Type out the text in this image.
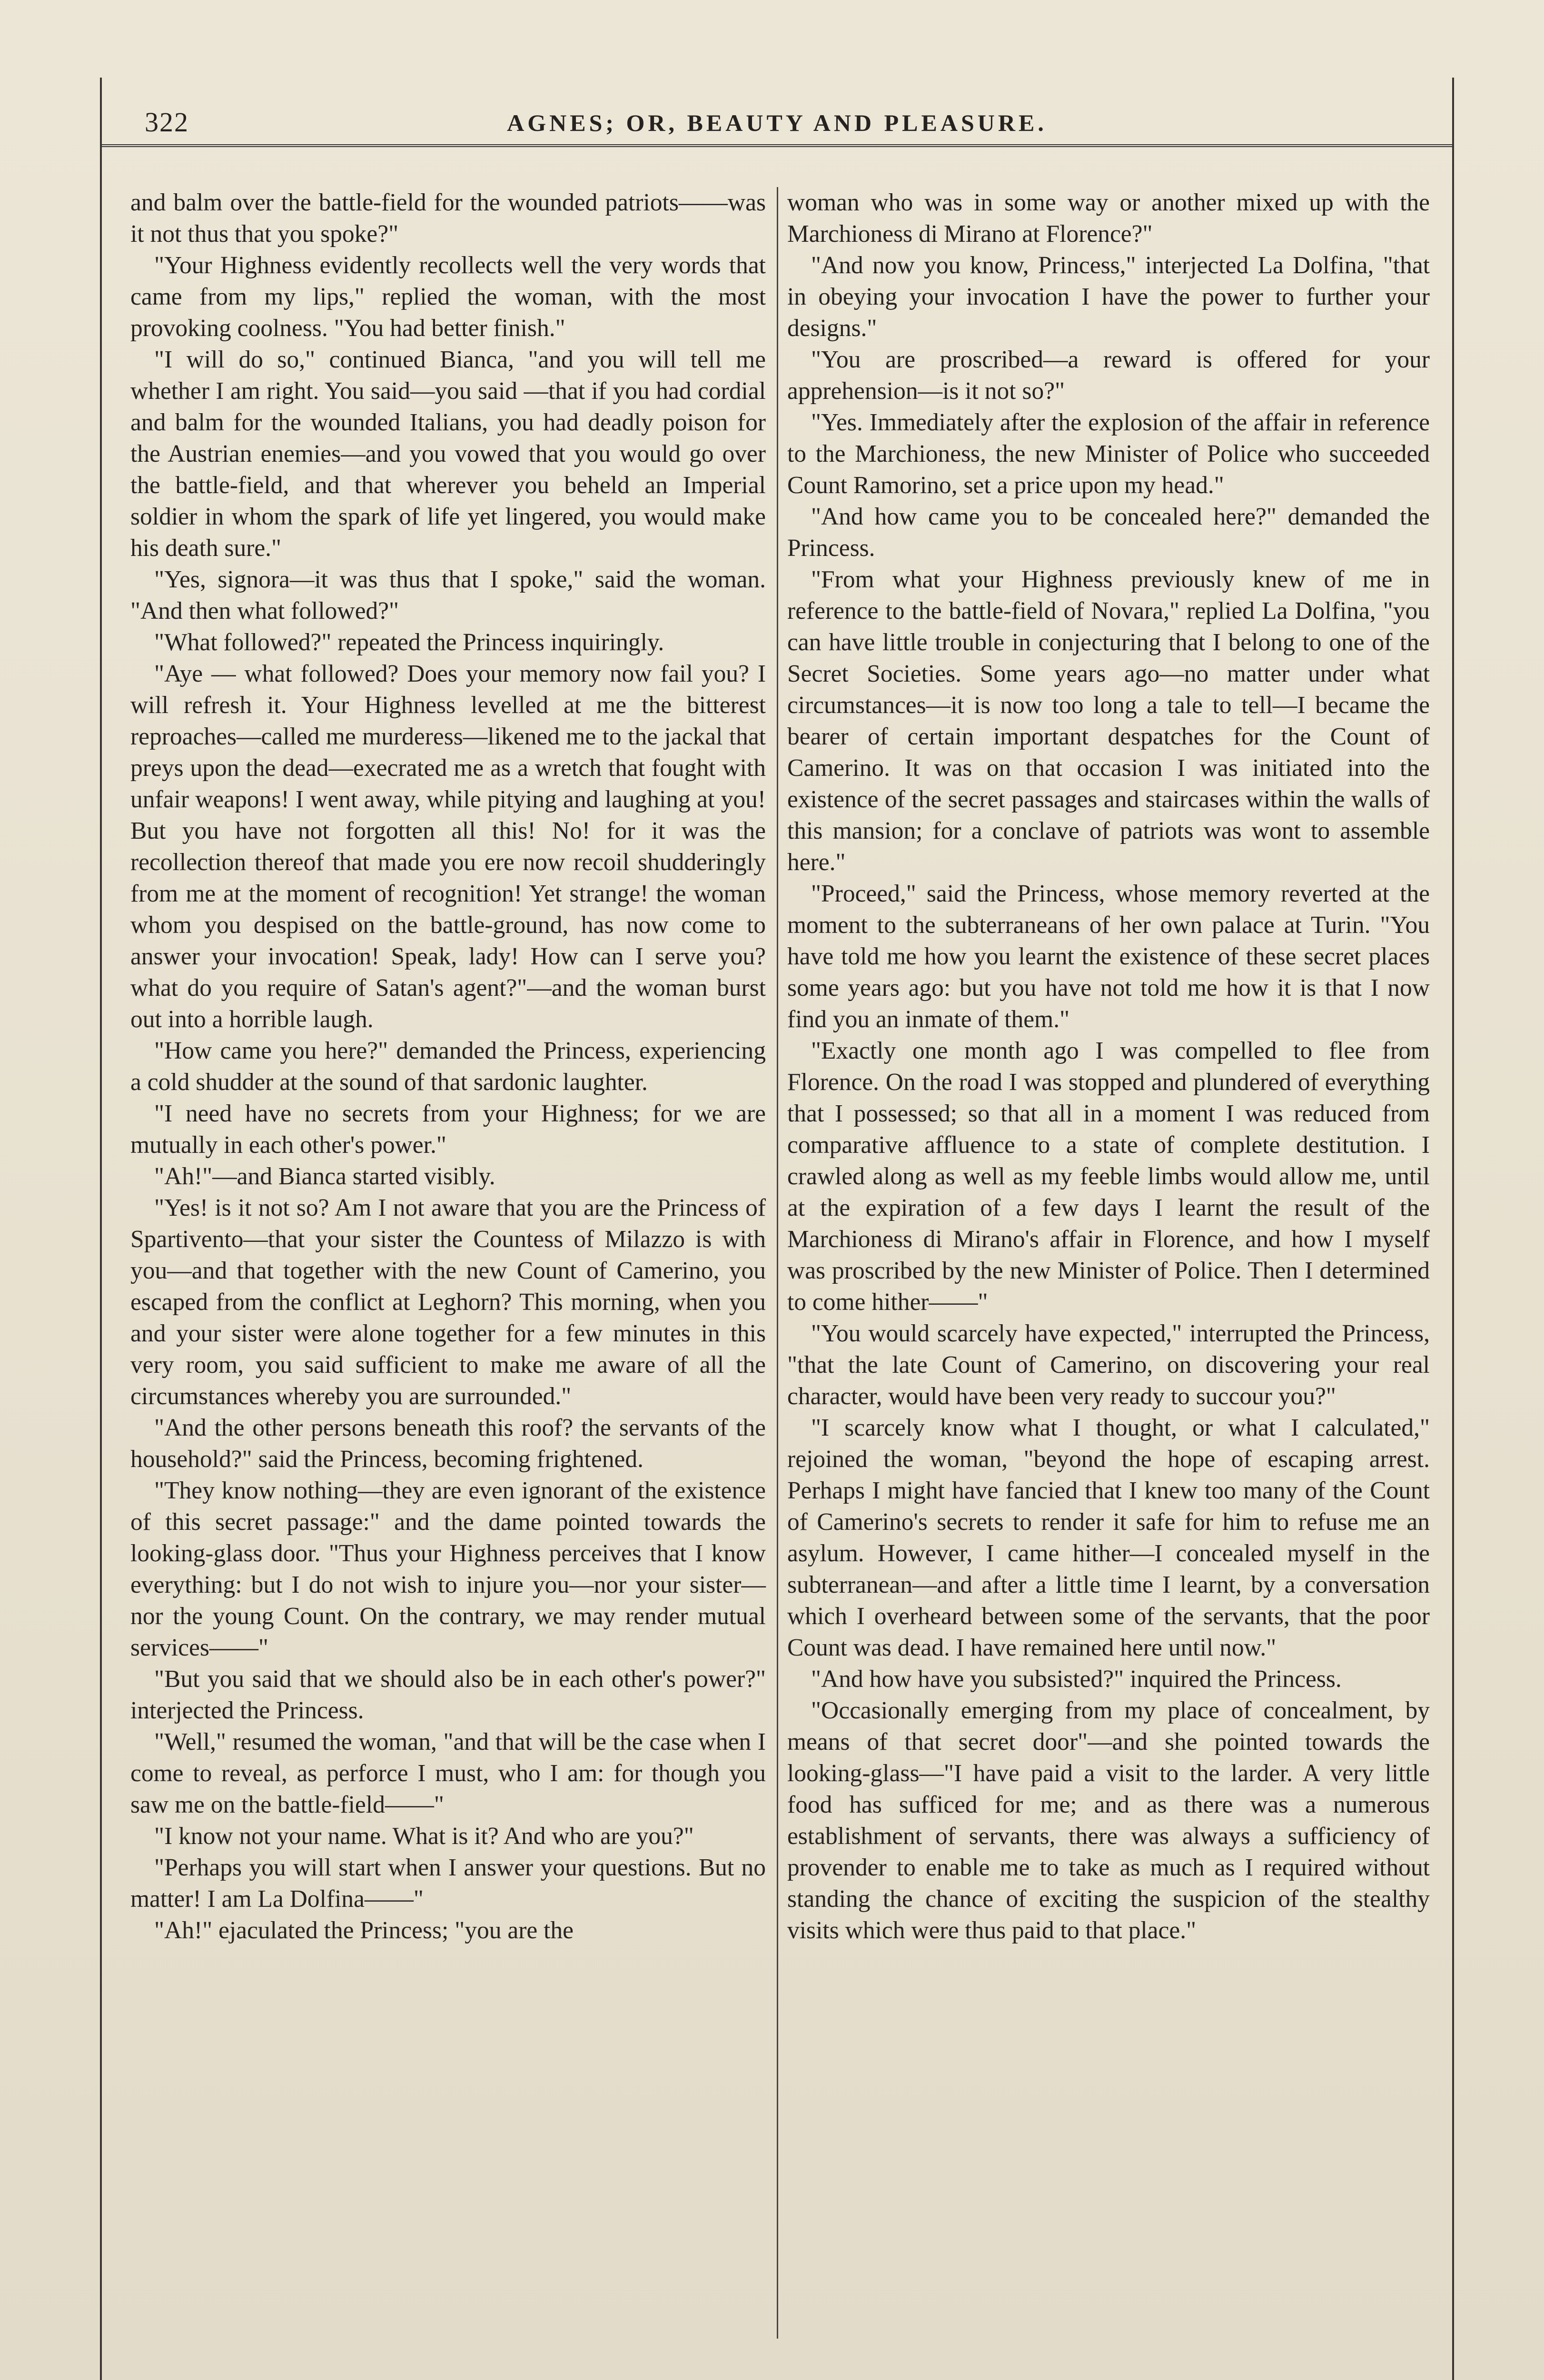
322	AGNES; OR, BEAUTY AND PLEASURE.

and balm over the battle-field for the wounded patriots——was it not thus that you spoke?"

"Your Highness evidently recollects well the very words that came from my lips," replied the woman, with the most provoking coolness. "You had better finish."

"I will do so," continued Bianca, "and you will tell me whether I am right. You said—you said —that if you had cordial and balm for the wounded Italians, you had deadly poison for the Austrian enemies—and you vowed that you would go over the battle-field, and that wherever you beheld an Imperial soldier in whom the spark of life yet lingered, you would make his death sure."

"Yes, signora—it was thus that I spoke," said the woman. "And then what followed?"

"What followed?" repeated the Princess inquiringly.

"Aye — what followed? Does your memory now fail you? I will refresh it. Your Highness levelled at me the bitterest reproaches—called me murderess—likened me to the jackal that preys upon the dead—execrated me as a wretch that fought with unfair weapons! I went away, while pitying and laughing at you! But you have not forgotten all this! No! for it was the recollection thereof that made you ere now recoil shudderingly from me at the moment of recognition! Yet strange! the woman whom you despised on the battle-ground, has now come to answer your invocation! Speak, lady! How can I serve you? what do you require of Satan's agent?"—and the woman burst out into a horrible laugh.

"How came you here?" demanded the Princess, experiencing a cold shudder at the sound of that sardonic laughter.

"I need have no secrets from your Highness; for we are mutually in each other's power."

"Ah!"—and Bianca started visibly.

"Yes! is it not so? Am I not aware that you are the Princess of Spartivento—that your sister the Countess of Milazzo is with you—and that together with the new Count of Camerino, you escaped from the conflict at Leghorn? This morning, when you and your sister were alone together for a few minutes in this very room, you said sufficient to make me aware of all the circumstances whereby you are surrounded."

"And the other persons beneath this roof? the servants of the household?" said the Princess, becoming frightened.

"They know nothing—they are even ignorant of the existence of this secret passage:" and the dame pointed towards the looking-glass door. "Thus your Highness perceives that I know everything: but I do not wish to injure you—nor your sister—nor the young Count. On the contrary, we may render mutual services——"

"But you said that we should also be in each other's power?" interjected the Princess.

"Well," resumed the woman, "and that will be the case when I come to reveal, as perforce I must, who I am: for though you saw me on the battle-field——"

"I know not your name. What is it? And who are you?"

"Perhaps you will start when I answer your questions. But no matter! I am La Dolfina——"

"Ah!" ejaculated the Princess; "you are the

woman who was in some way or another mixed up with the Marchioness di Mirano at Florence?"

"And now you know, Princess," interjected La Dolfina, "that in obeying your invocation I have the power to further your designs."

"You are proscribed—a reward is offered for your apprehension—is it not so?"

"Yes. Immediately after the explosion of the affair in reference to the Marchioness, the new Minister of Police who succeeded Count Ramorino, set a price upon my head."

"And how came you to be concealed here?" demanded the Princess.

"From what your Highness previously knew of me in reference to the battle-field of Novara," replied La Dolfina, "you can have little trouble in conjecturing that I belong to one of the Secret Societies. Some years ago—no matter under what circumstances—it is now too long a tale to tell—I became the bearer of certain important despatches for the Count of Camerino. It was on that occasion I was initiated into the existence of the secret passages and staircases within the walls of this mansion; for a conclave of patriots was wont to assemble here."

"Proceed," said the Princess, whose memory reverted at the moment to the subterraneans of her own palace at Turin. "You have told me how you learnt the existence of these secret places some years ago: but you have not told me how it is that I now find you an inmate of them."

"Exactly one month ago I was compelled to flee from Florence. On the road I was stopped and plundered of everything that I possessed; so that all in a moment I was reduced from comparative affluence to a state of complete destitution. I crawled along as well as my feeble limbs would allow me, until at the expiration of a few days I learnt the result of the Marchioness di Mirano's affair in Florence, and how I myself was proscribed by the new Minister of Police. Then I determined to come hither——"

"You would scarcely have expected," interrupted the Princess, "that the late Count of Camerino, on discovering your real character, would have been very ready to succour you?"

"I scarcely know what I thought, or what I calculated," rejoined the woman, "beyond the hope of escaping arrest. Perhaps I might have fancied that I knew too many of the Count of Camerino's secrets to render it safe for him to refuse me an asylum. However, I came hither—I concealed myself in the subterranean—and after a little time I learnt, by a conversation which I overheard between some of the servants, that the poor Count was dead. I have remained here until now."

"And how have you subsisted?" inquired the Princess.

"Occasionally emerging from my place of concealment, by means of that secret door"—and she pointed towards the looking-glass—"I have paid a visit to the larder. A very little food has sufficed for me; and as there was a numerous establishment of servants, there was always a sufficiency of provender to enable me to take as much as I required without standing the chance of exciting the suspicion of the stealthy visits which were thus paid to that place."
